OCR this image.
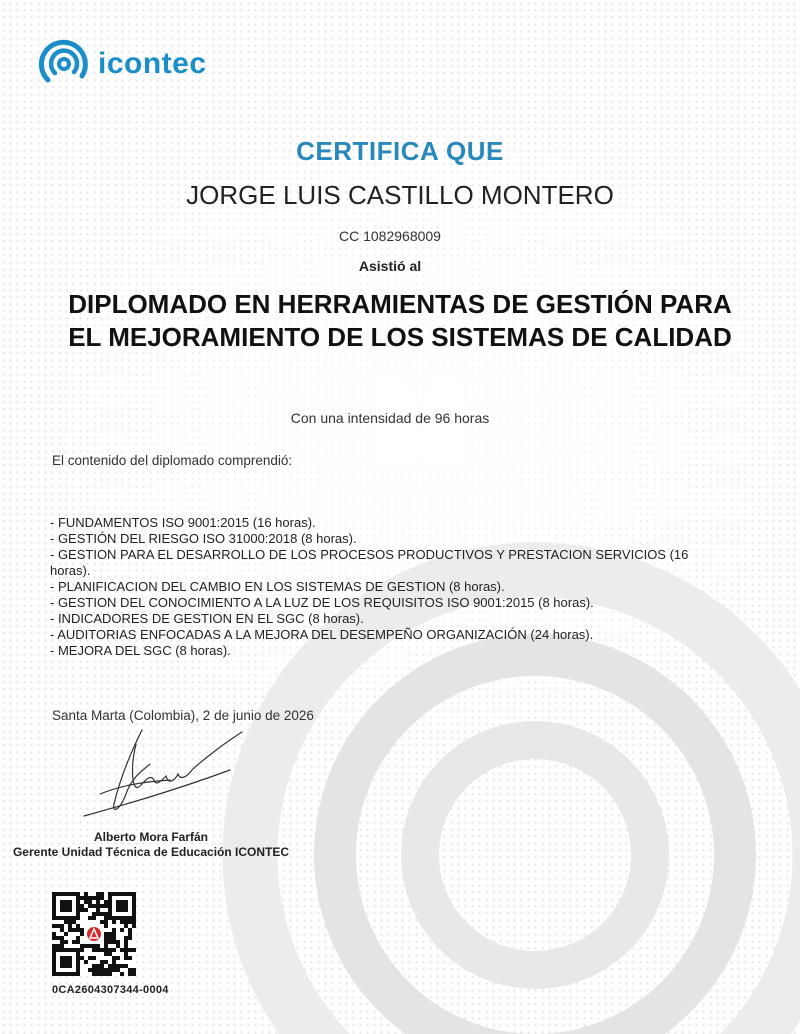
icontec
CERTIFICA QUE
JORGE LUIS CASTILLO MONTERO
CC 1082968009
Asistió al
DIPLOMADO EN HERRAMIENTAS DE GESTIÓN PARA
EL MEJORAMIENTO DE LOS SISTEMAS DE CALIDAD
Con una intensidad de 96 horas
El contenido del diplomado comprendió:
- FUNDAMENTOS ISO 9001:2015 (16 horas).
- GESTIÓN DEL RIESGO ISO 31000:2018 (8 horas).
- GESTION PARA EL DESARROLLO DE LOS PROCESOS PRODUCTIVOS Y PRESTACION SERVICIOS (16 horas).
- PLANIFICACION DEL CAMBIO EN LOS SISTEMAS DE GESTION (8 horas).
- GESTION DEL CONOCIMIENTO A LA LUZ DE LOS REQUISITOS ISO 9001:2015 (8 horas).
- INDICADORES DE GESTION EN EL SGC (8 horas).
- AUDITORIAS ENFOCADAS A LA MEJORA DEL DESEMPEÑO ORGANIZACIÓN (24 horas).
- MEJORA DEL SGC (8 horas).
Santa Marta (Colombia), 2 de junio de 2026
Alberto Mora Farfán
Gerente Unidad Técnica de Educación ICONTEC
0CA2604307344-0004
